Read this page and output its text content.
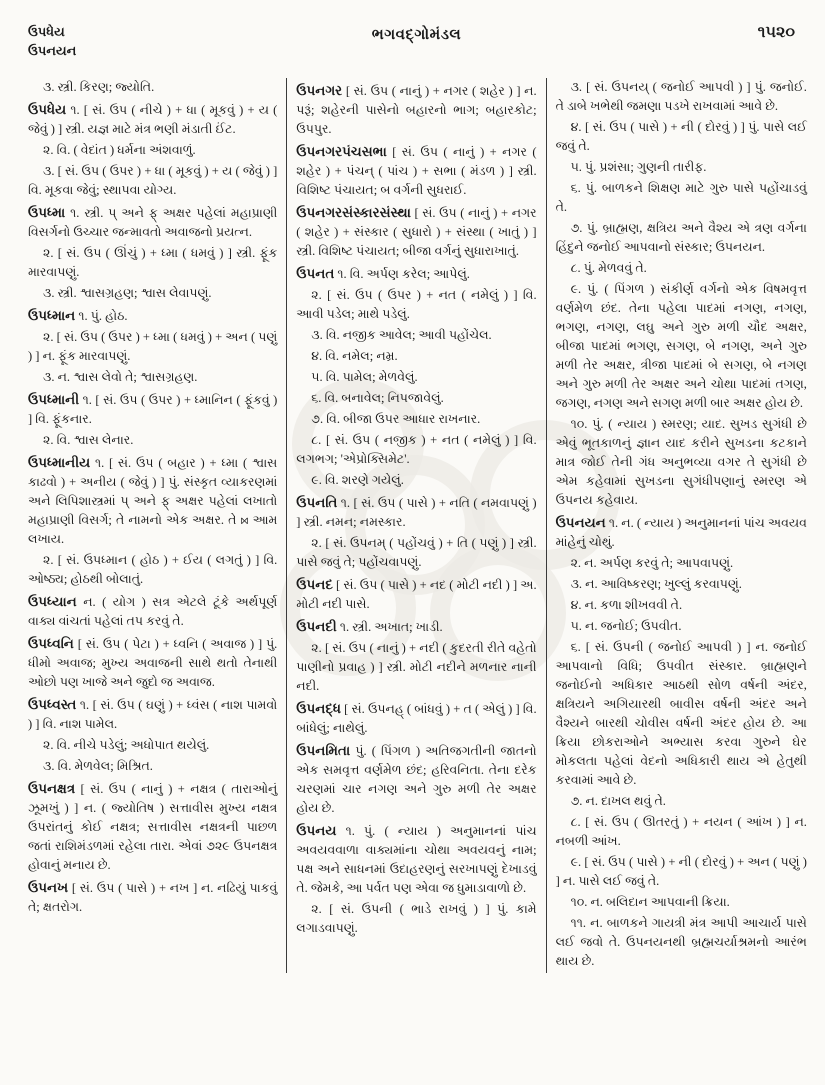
ઉપધેય
ઉપનયન
ભગવદ્ગોમંડલ	૧૫૨૦

૩. સ્ત્રી. કિરણ; જ્યોતિ.

ઉપધેય ૧. [ સં. ઉપ ( નીચે ) + ધા ( મૂકવું ) + ય ( જેવું ) ] સ્ત્રી. યજ્ઞ માટે મંત્ર ભણી મંડાતી ઈંટ.

૨. વિ. ( વેદાંત ) ધર્મના અંશવાળું.

૩. [ સં. ઉપ ( ઉપર ) + ધા ( મૂકવું ) + ય ( જેવું ) ] વિ. મૂકવા જેવું; સ્થાપવા યોગ્ય.

ઉપધ્મા ૧. સ્ત્રી. પ્ અને ફ્ અક્ષર પહેલાં મહાપ્રાણી વિસર્ગનો ઉચ્ચાર જન્માવતો અવાજનો પ્રયત્ન.

૨. [ સં. ઉપ ( ઊંચું ) + ધ્મા ( ધમવું ) ] સ્ત્રી. ફૂંક મારવાપણું.

૩. સ્ત્રી. શ્વાસગ્રહણ; શ્વાસ લેવાપણું.

ઉપધ્માન ૧. પું. હોઠ.

૨. [ સં. ઉપ ( ઉપર ) + ધ્મા ( ધમવું ) + અન ( પણું ) ] ન. ફૂંક મારવાપણું.

૩. ન. શ્વાસ લેવો તે; શ્વાસગ્રહણ.

ઉપધ્માની ૧. [ સં. ઉપ ( ઉપર ) + ધ્માનિન ( ફૂંકવું ) ] વિ. ફૂંકનાર.

૨. વિ. શ્વાસ લેનાર.

ઉપધ્માનીય ૧. [ સં. ઉપ ( બહાર ) + ધ્મા ( શ્વાસ કાઢવો ) + અનીય ( જેવું ) ] પું. સંસ્કૃત વ્યાકરણમાં અને લિપિશાસ્ત્રમાં પ્ અને ફ્ અક્ષર પહેલાં લખાતો મહાપ્રાણી વિસર્ગ; તે નામનો એક અક્ષર. તે ⋈ આમ લખાય.

૨. [ સં. ઉપધ્માન ( હોઠ ) + ઈય ( લગતું ) ] વિ. ઓષ્ઠ્ય; હોઠથી બોલાતું.

ઉપધ્યાન ન. ( યોગ ) સત્ર એટલે ટૂંકે અર્થપૂર્ણ વાક્ય વાંચતાં પહેલાં તપ કરવું તે.

ઉપધ્વનિ [ સં. ઉપ ( પેટા ) + ધ્વનિ ( અવાજ ) ] પું. ધીમો અવાજ; મુખ્ય અવાજની સાથે થતો તેનાથી ઓછો પણ ખાજે અને જુદો જ અવાજ.

ઉપધ્વસ્ત ૧. [ સં. ઉપ ( ઘણું ) + ધ્વંસ ( નાશ પામવો ) ] વિ. નાશ પામેલ.

૨. વિ. નીચે પડેલું; અધોપાત થયેલું.

૩. વિ. મેળવેલ; મિશ્રિત.

ઉપનક્ષત્ર [ સં. ઉપ ( નાનું ) + નક્ષત્ર ( તારાઓનું ઝૂમખું ) ] ન. ( જ્યોતિષ ) સત્તાવીસ મુખ્ય નક્ષત્ર ઉપરાંતનું કોઈ નક્ષત્ર; સત્તાવીસ નક્ષત્રની પાછળ જતાં રાશિમંડળમાં રહેલા તારા. એવાં ૭૨૯ ઉપનક્ષત્ર હોવાનું મનાય છે.

ઉપનખ [ સં. ઉપ ( પાસે ) + નખ ] ન. નઢિયું પાકવું તે; ક્ષતરોગ.

ઉપનગર [ સં. ઉપ ( નાનું ) + નગર ( શહેર ) ] ન. પરૂં; શહેરની પાસેનો બહારનો ભાગ; બહારકોટ; ઉપપુર.

ઉપનગરપંચસભા [ સં. ઉપ ( નાનું ) + નગર ( શહેર ) + પંચન્ ( પાંચ ) + સભા ( મંડળ ) ] સ્ત્રી. વિશિષ્ટ પંચાયત; બ વર્ગની સુધરાઈ.

ઉપનગરસંસ્કારસંસ્થા [ સં. ઉપ ( નાનું ) + નગર ( શહેર ) + સંસ્કાર ( સુધારો ) + સંસ્થા ( ખાતું ) ] સ્ત્રી. વિશિષ્ટ પંચાયત; બીજા વર્ગનું સુધારાખાતું.

ઉપનત ૧. વિ. અર્પણ કરેલ; આપેલું.

૨. [ સં. ઉપ ( ઉપર ) + નત ( નમેલું ) ] વિ. આવી પડેલ; માથે પડેલું.

૩. વિ. નજીક આવેલ; આવી પહોંચેલ.

૪. વિ. નમેલ; નમ્ર.

૫. વિ. પામેલ; મેળવેલું.

૬. વિ. બનાવેલ; નિપજાવેલું.

૭. વિ. બીજા ઉપર આધાર રાખનાર.

૮. [ સં. ઉપ ( નજીક ) + નત ( નમેલું ) ] વિ. લગભગ; 'એપ્રોક્સિમેટ'.

૯. વિ. શરણે ગયેલું.

ઉપનતિ ૧. [ સં. ઉપ ( પાસે ) + નતિ ( નમવાપણું ) ] સ્ત્રી. નમન; નમસ્કાર.

૨. [ સં. ઉપનમ્ ( પહોંચવું ) + તિ ( પણું ) ] સ્ત્રી. પાસે જવું તે; પહોંચવાપણું.

ઉપનદ [ સં. ઉપ ( પાસે ) + નદ ( મોટી નદી ) ] અ. મોટી નદી પાસે.

ઉપનદી ૧. સ્ત્રી. અખાત; ખાડી.

૨. [ સં. ઉપ ( નાનું ) + નદી ( કુદરતી રીતે વહેતો પાણીનો પ્રવાહ ) ] સ્ત્રી. મોટી નદીને મળનાર નાની નદી.

ઉપનદ્ધ [ સં. ઉપનહ્ ( બાંધવું ) + ત ( એલું ) ] વિ. બાંધેલું; નાથેલું.

ઉપનમિતા પું. ( પિંગળ ) અતિજગતીની જાતનો એક સમવૃત્ત વર્ણમેળ છંદ; હરિવનિતા. તેના દરેક ચરણમાં ચાર નગણ અને ગુરુ મળી તેર અક્ષર હોય છે.

ઉપનય ૧. પું. ( ન્યાય ) અનુમાનનાં પાંચ અવયવવાળા વાક્યમાંના ચોથા અવયવનું નામ; પક્ષ અને સાધનમાં ઉદાહરણનું સરખાપણું દેખાડવું તે. જેમકે, આ પર્વત પણ એવા જ ધુમાડાવાળો છે.

૨. [ સં. ઉપની ( ભાડે રાખવું ) ] પું. કામે લગાડવાપણું.

૩. [ સં. ઉપનય્ ( જનોઈ આપવી ) ] પું. જનોઈ. તે ડાબે ખભેથી જમણા પડખે રાખવામાં આવે છે.

૪. [ સં. ઉપ ( પાસે ) + ની ( દોરવું ) ] પું. પાસે લઈ જવું તે.

૫. પું. પ્રશંસા; ગુણની તારીફ.

૬. પું. બાળકને શિક્ષણ માટે ગુરુ પાસે પહોંચાડવું તે.

૭. પું. બ્રાહ્મણ, ક્ષત્રિય અને વૈશ્ય એ ત્રણ વર્ગના હિંદુને જનોઈ આપવાનો સંસ્કાર; ઉપનયન.

૮. પું. મેળવવું તે.

૯. પું. ( પિંગળ ) સંકીર્ણ વર્ગનો એક વિષમવૃત્ત વર્ણમેળ છંદ. તેના પહેલા પાદમાં નગણ, નગણ, ભગણ, નગણ, લઘુ અને ગુરુ મળી ચૌદ અક્ષર, બીજા પાદમાં ભગણ, સગણ, બે નગણ, અને ગુરુ મળી તેર અક્ષર, ત્રીજા પાદમાં બે સગણ, બે નગણ અને ગુરુ મળી તેર અક્ષર અને ચોથા પાદમાં તગણ, જગણ, નગણ અને સગણ મળી બાર અક્ષર હોય છે.

૧૦. પું. ( ન્યાય ) સ્મરણ; યાદ. સુખડ સુગંધી છે એવું ભૂતકાળનું જ્ઞાન યાદ કરીને સુખડના કટકાને માત્ર જોઈ તેની ગંધ અનુભવ્યા વગર તે સુગંધી છે એમ કહેવામાં સુખડના સુગંધીપણાનું સ્મરણ એ ઉપનય કહેવાય.

ઉપનયન ૧. ન. ( ન્યાય ) અનુમાનનાં પાંચ અવયવ માંહેનું ચોથું.

૨. ન. અર્પણ કરવું તે; આપવાપણું.

૩. ન. આવિષ્કરણ; ખુલ્લું કરવાપણું.

૪. ન. કળા શીખવવી તે.

૫. ન. જનોઈ; ઉપવીત.

૬. [ સં. ઉપની ( જનોઈ આપવી ) ] ન. જનોઈ આપવાનો વિધિ; ઉપવીત સંસ્કાર. બ્રાહ્મણને જનોઈનો અધિકાર આઠથી સોળ વર્ષની અંદર, ક્ષત્રિયને અગિયારથી બાવીસ વર્ષની અંદર અને વૈશ્યને બારથી ચોવીસ વર્ષની અંદર હોય છે. આ ક્રિયા છોકરાઓને અભ્યાસ કરવા ગુરુને ઘેર મોકલતા પહેલાં વેદનો અધિકારી થાય એ હેતુથી કરવામાં આવે છે.

૭. ન. દાખલ થવું તે.

૮. [ સં. ઉપ ( ઊતરતું ) + નયન ( આંખ ) ] ન. નબળી આંખ.

૯. [ સં. ઉપ ( પાસે ) + ની ( દોરવું ) + અન ( પણું ) ] ન. પાસે લઈ જવું તે.

૧૦. ન. બલિદાન આપવાની ક્રિયા.

૧૧. ન. બાળકને ગાયત્રી મંત્ર આપી આચાર્ય પાસે લઈ જવો તે. ઉપનયનથી બ્રહ્મચર્યાશ્રમનો આરંભ થાય છે.
